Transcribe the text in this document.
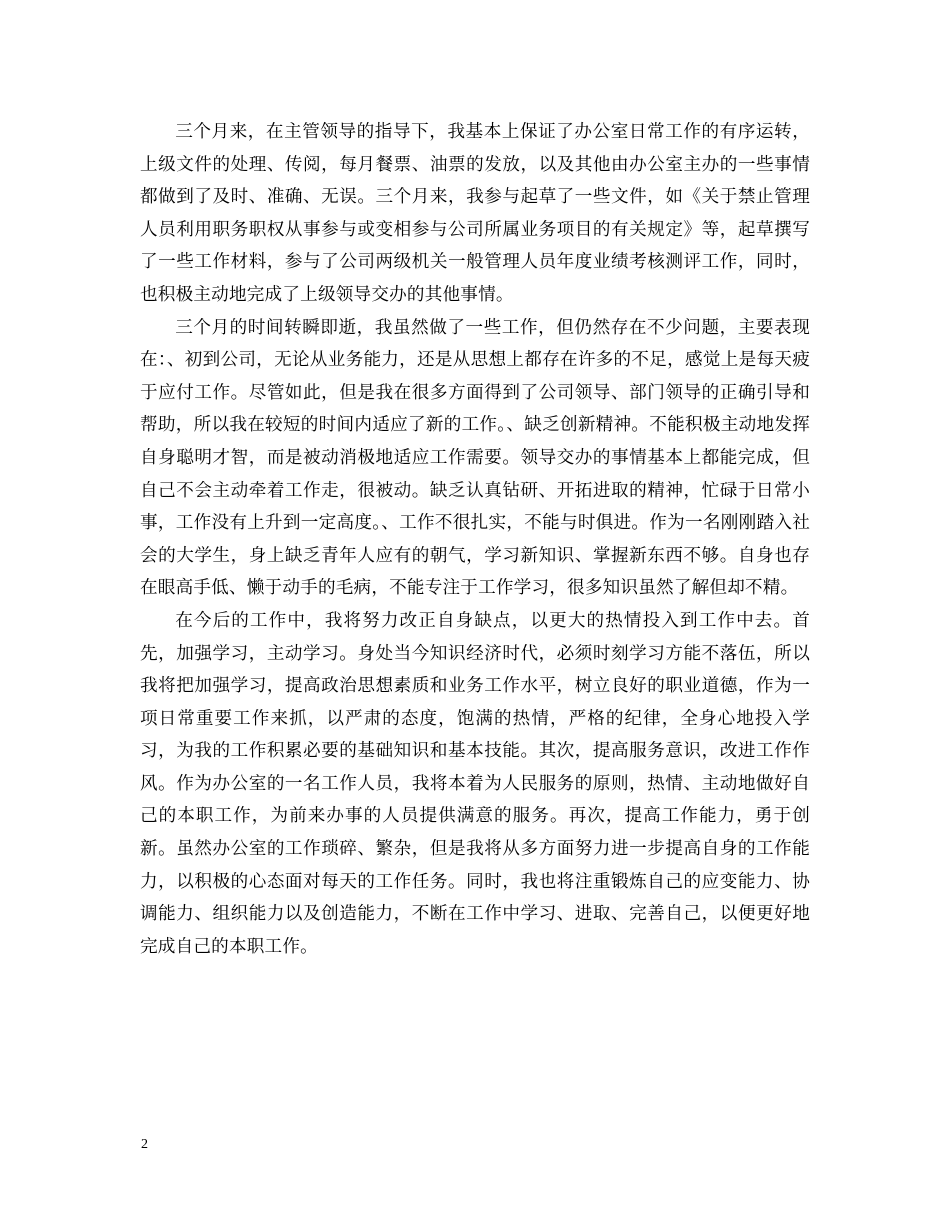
三个月来，在主管领导的指导下，我基本上保证了办公室日常工作的有序运转，上级文件的处理、传阅，每月餐票、油票的发放，以及其他由办公室主办的一些事情都做到了及时、准确、无误。三个月来，我参与起草了一些文件，如《关于禁止管理人员利用职务职权从事参与或变相参与公司所属业务项目的有关规定》等，起草撰写了一些工作材料，参与了公司两级机关一般管理人员年度业绩考核测评工作，同时，也积极主动地完成了上级领导交办的其他事情。

三个月的时间转瞬即逝，我虽然做了一些工作，但仍然存在不少问题，主要表现在：、初到公司，无论从业务能力，还是从思想上都存在许多的不足，感觉上是每天疲于应付工作。尽管如此，但是我在很多方面得到了公司领导、部门领导的正确引导和帮助，所以我在较短的时间内适应了新的工作。、缺乏创新精神。不能积极主动地发挥自身聪明才智，而是被动消极地适应工作需要。领导交办的事情基本上都能完成，但自己不会主动牵着工作走，很被动。缺乏认真钻研、开拓进取的精神，忙碌于日常小事，工作没有上升到一定高度。、工作不很扎实，不能与时俱进。作为一名刚刚踏入社会的大学生，身上缺乏青年人应有的朝气，学习新知识、掌握新东西不够。自身也存在眼高手低、懒于动手的毛病，不能专注于工作学习，很多知识虽然了解但却不精。

在今后的工作中，我将努力改正自身缺点，以更大的热情投入到工作中去。首先，加强学习，主动学习。身处当今知识经济时代，必须时刻学习方能不落伍，所以我将把加强学习，提高政治思想素质和业务工作水平，树立良好的职业道德，作为一项日常重要工作来抓，以严肃的态度，饱满的热情，严格的纪律，全身心地投入学习，为我的工作积累必要的基础知识和基本技能。其次，提高服务意识，改进工作作风。作为办公室的一名工作人员，我将本着为人民服务的原则，热情、主动地做好自己的本职工作，为前来办事的人员提供满意的服务。再次，提高工作能力，勇于创新。虽然办公室的工作琐碎、繁杂，但是我将从多方面努力进一步提高自身的工作能力，以积极的心态面对每天的工作任务。同时，我也将注重锻炼自己的应变能力、协调能力、组织能力以及创造能力，不断在工作中学习、进取、完善自己，以便更好地完成自己的本职工作。

2
